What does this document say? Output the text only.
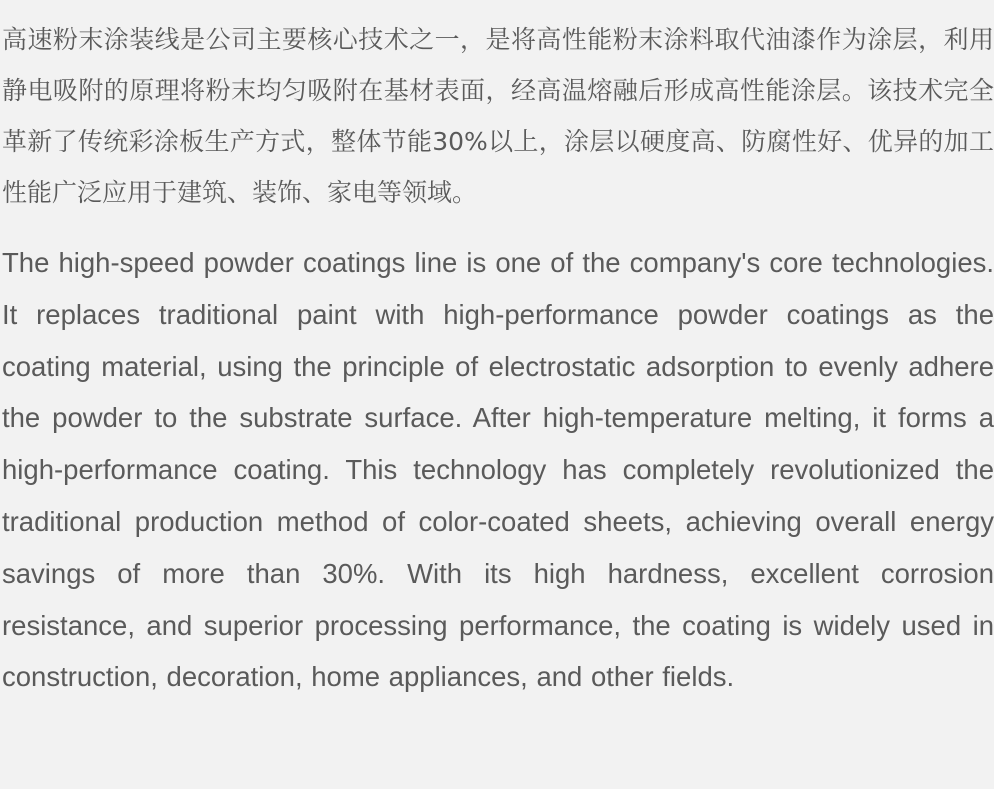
高速粉末涂装线是公司主要核心技术之一，是将高性能粉末涂料取代油漆作为涂层，利用静电吸附的原理将粉末均匀吸附在基材表面，经高温熔融后形成高性能涂层。该技术完全革新了传统彩涂板生产方式，整体节能30%以上，涂层以硬度高、防腐性好、优异的加工性能广泛应用于建筑、装饰、家电等领域。

The high-speed powder coatings line is one of the company's core technologies. It replaces traditional paint with high-performance powder coatings as the coating material, using the principle of electrostatic adsorption to evenly adhere the powder to the substrate surface. After high-temperature melting, it forms a high-performance coating. This technology has completely revolutionized the traditional production method of color-coated sheets, achieving overall energy savings of more than 30%. With its high hardness, excellent corrosion resistance, and superior processing performance, the coating is widely used in construction, decoration, home appliances, and other fields.
